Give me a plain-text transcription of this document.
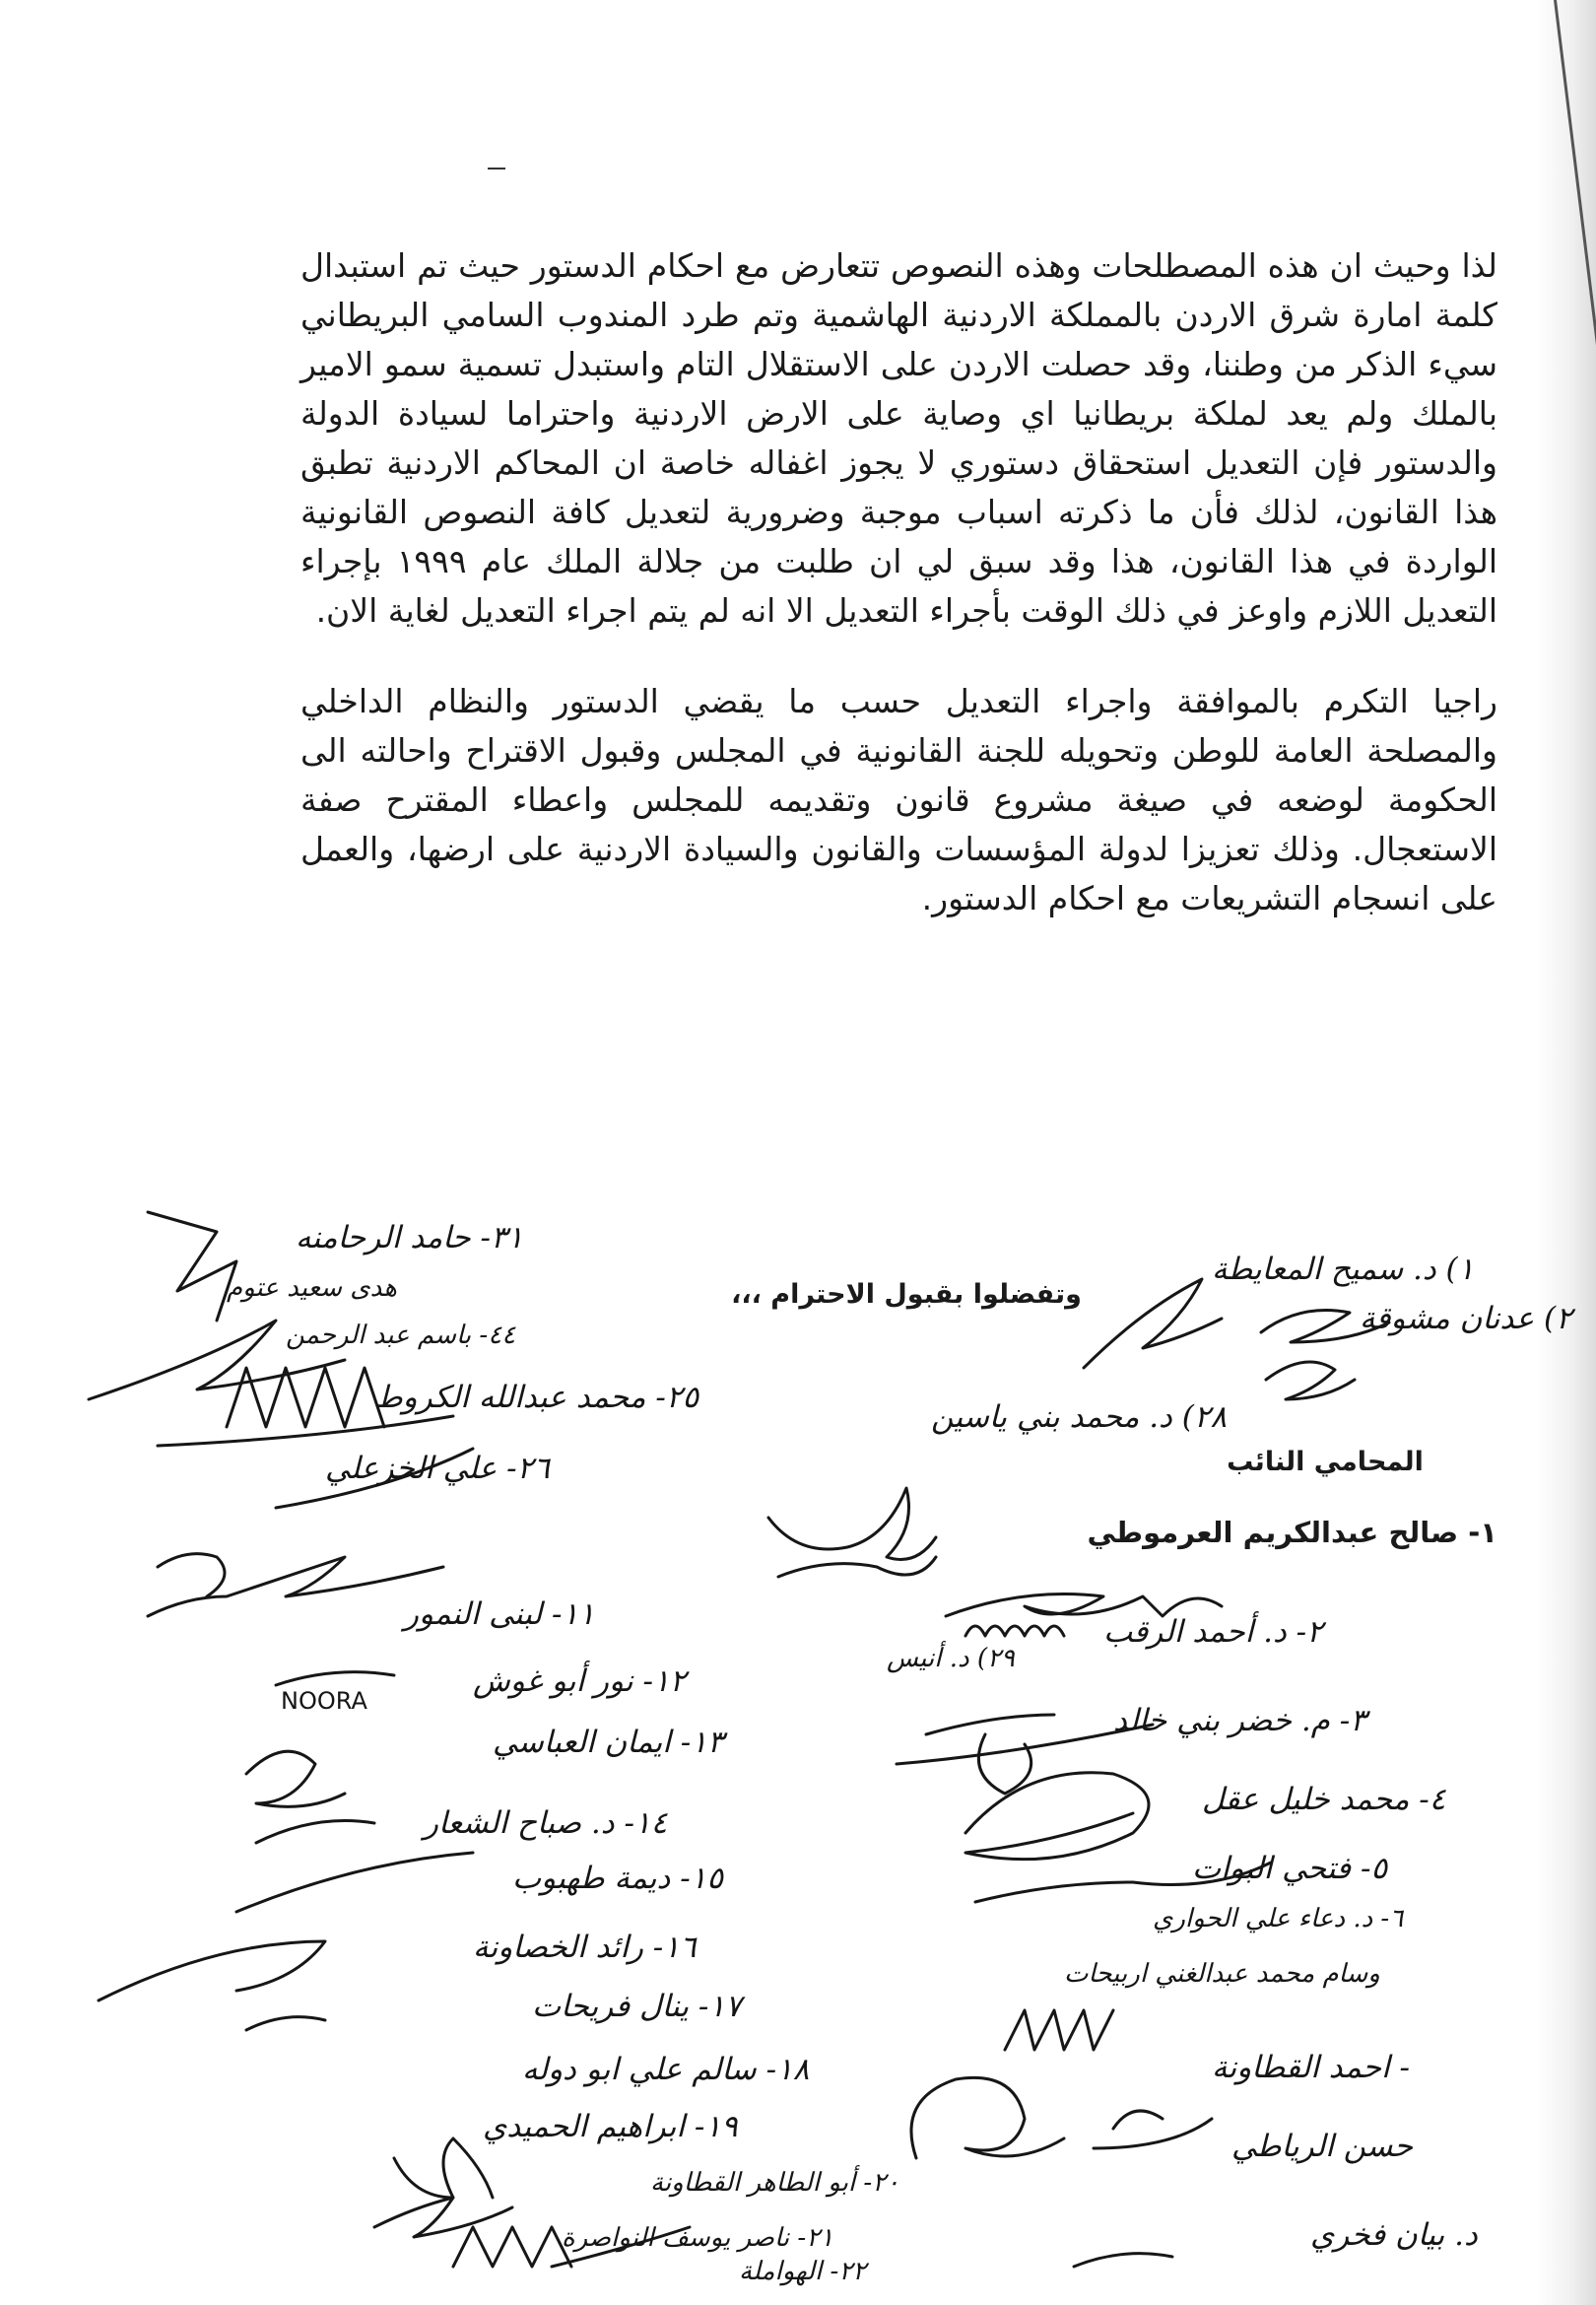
لذا وحيث ان هذه المصطلحات وهذه النصوص تتعارض مع احكام الدستور حيث تم استبدال كلمة امارة شرق الاردن بالمملكة الاردنية الهاشمية وتم طرد المندوب السامي البريطاني سيء الذكر من وطننا، وقد حصلت الاردن على الاستقلال التام واستبدل تسمية سمو الامير بالملك ولم يعد لملكة بريطانيا اي وصاية على الارض الاردنية واحتراما لسيادة الدولة والدستور فإن التعديل استحقاق دستوري لا يجوز اغفاله خاصة ان المحاكم الاردنية تطبق هذا القانون، لذلك فأن ما ذكرته اسباب موجبة وضرورية لتعديل كافة النصوص القانونية الواردة في هذا القانون، هذا وقد سبق لي ان طلبت من جلالة الملك عام ١٩٩٩ بإجراء التعديل اللازم واوعز في ذلك الوقت بأجراء التعديل الا انه لم يتم اجراء التعديل لغاية الان.

راجيا التكرم بالموافقة واجراء التعديل حسب ما يقضي الدستور والنظام الداخلي والمصلحة العامة للوطن وتحويله للجنة القانونية في المجلس وقبول الاقتراح واحالته الى الحكومة لوضعه في صيغة مشروع قانون وتقديمه للمجلس واعطاء المقترح صفة الاستعجال. وذلك تعزيزا لدولة المؤسسات والقانون والسيادة الاردنية على ارضها، والعمل على انسجام التشريعات مع احكام الدستور.

وتفضلوا بقبول الاحترام ،،،
المحامي النائب
١- صالح عبدالكريم العرموطي
٢- د. أحمد الرقب
٣- م. خضر بني خالد
٤- محمد خليل عقل
٥- فتحي البوات
٦- د. دعاء علي الحواري
وسام محمد عبدالغني اربيحات
- احمد القطاونة
حسن الرياطي
د. بيان فخري
١١- لبنى النمور
١٢- نور أبو غوش
١٣- ايمان العباسي
١٤- د. صباح الشعار
١٥- ديمة طهبوب
١٦- رائد الخصاونة
١٧- ينال فريحات
١٨- سالم علي ابو دوله
١٩- ابراهيم الحميدي
٢٠- أبو الطاهر القطاونة
٢١- ناصر يوسف النواصرة
٢٢- الهواملة
٣١- حامد الرحامنه
هدى سعيد عتوم
٤٤- باسم عبد الرحمن
٢٥- محمد عبدالله الكروط
٢٦- علي الخزعلي
١) د. سميح المعايطة
٢) عدنان مشوقة
٢٨) د. محمد بني ياسين
٢٩) د. أنيس
NOORA
